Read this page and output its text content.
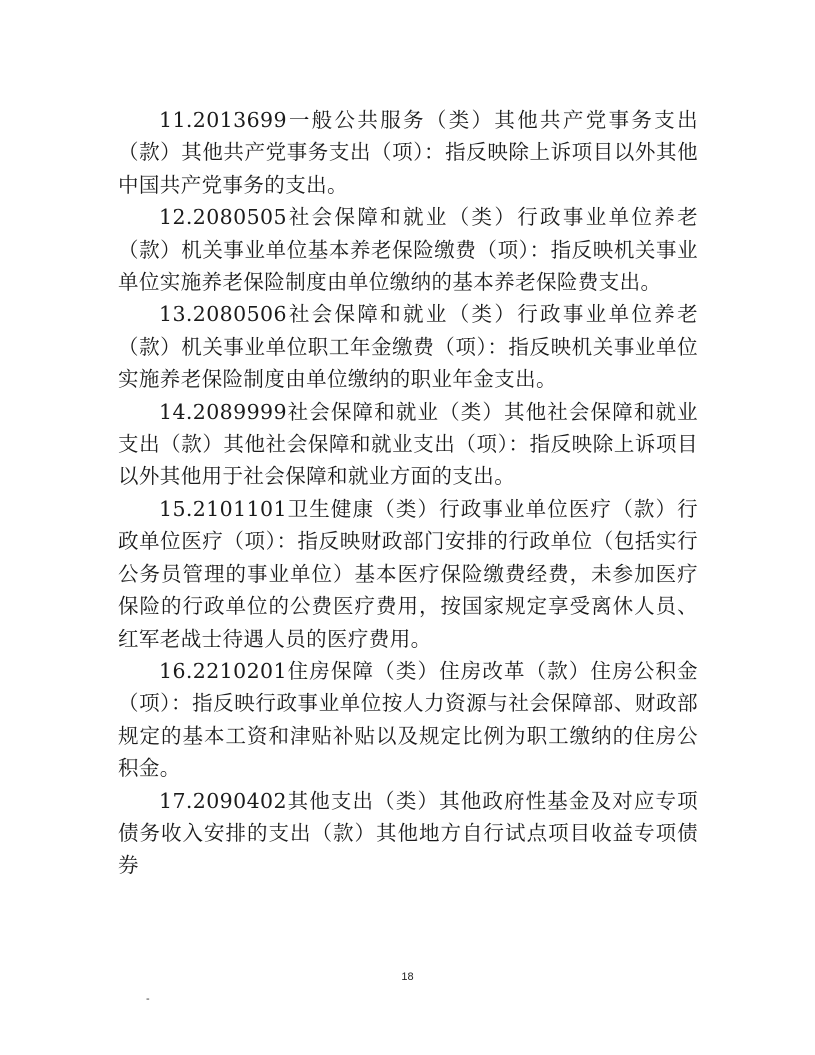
11.2013699一般公共服务（类）其他共产党事务支出（款）其他共产党事务支出（项）：指反映除上诉项目以外其他中国共产党事务的支出。

12.2080505社会保障和就业（类）行政事业单位养老（款）机关事业单位基本养老保险缴费（项）：指反映机关事业单位实施养老保险制度由单位缴纳的基本养老保险费支出。

13.2080506社会保障和就业（类）行政事业单位养老（款）机关事业单位职工年金缴费（项）：指反映机关事业单位实施养老保险制度由单位缴纳的职业年金支出。

14.2089999社会保障和就业（类）其他社会保障和就业支出（款）其他社会保障和就业支出（项）：指反映除上诉项目以外其他用于社会保障和就业方面的支出。

15.2101101卫生健康（类）行政事业单位医疗（款）行政单位医疗（项）：指反映财政部门安排的行政单位（包括实行公务员管理的事业单位）基本医疗保险缴费经费，未参加医疗保险的行政单位的公费医疗费用，按国家规定享受离休人员、红军老战士待遇人员的医疗费用。

16.2210201住房保障（类）住房改革（款）住房公积金（项）：指反映行政事业单位按人力资源与社会保障部、财政部规定的基本工资和津贴补贴以及规定比例为职工缴纳的住房公积金。

17.2090402其他支出（类）其他政府性基金及对应专项债务收入安排的支出（款）其他地方自行试点项目收益专项债券

18
-
